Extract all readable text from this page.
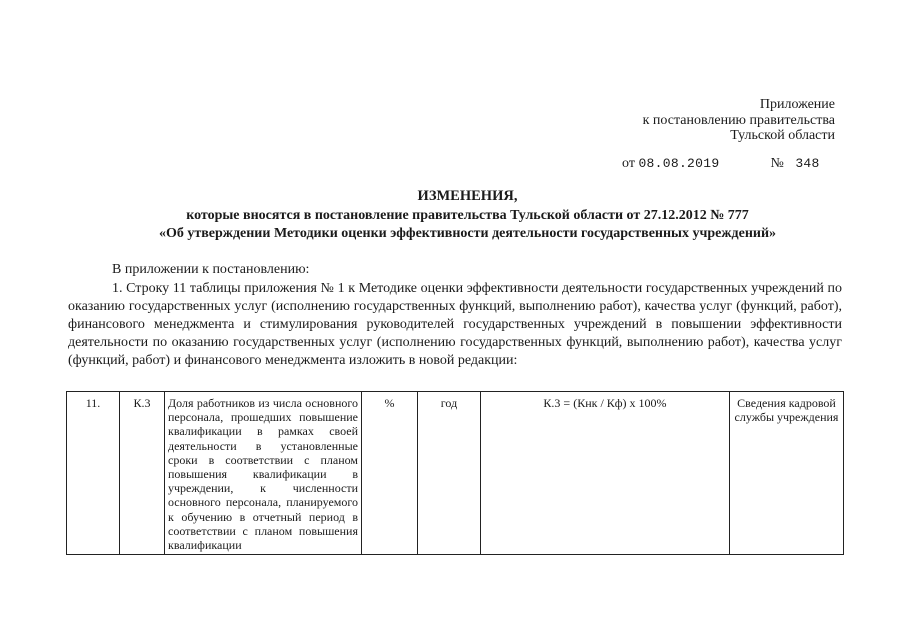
Приложение
к постановлению правительства
Тульской области
от 08.08.2019	№ 348
ИЗМЕНЕНИЯ,
которые вносятся в постановление правительства Тульской области от 27.12.2012 № 777
«Об утверждении Методики оценки эффективности деятельности государственных учреждений»
В приложении к постановлению:
1. Строку 11 таблицы приложения № 1 к Методике оценки эффективности деятельности государственных учреждений по оказанию государственных услуг (исполнению государственных функций, выполнению работ), качества услуг (функций, работ), финансового менеджмента и стимулирования руководителей государственных учреждений в повышении эффективности деятельности по оказанию государственных услуг (исполнению государственных функций, выполнению работ), качества услуг (функций, работ) и финансового менеджмента изложить в новой редакции:
11.	К.3	Доля работников из числа основного персонала, прошедших повышение квалификации в рамках своей деятельности в установленные сроки в соответствии с планом повышения квалификации в учреждении, к численности основного персонала, планируемого к обучению в отчетный период в соответствии с планом повышения квалификации	%	год	К.3 = (Кнк / Кф) х 100%	Сведения кадровой службы учреждения
